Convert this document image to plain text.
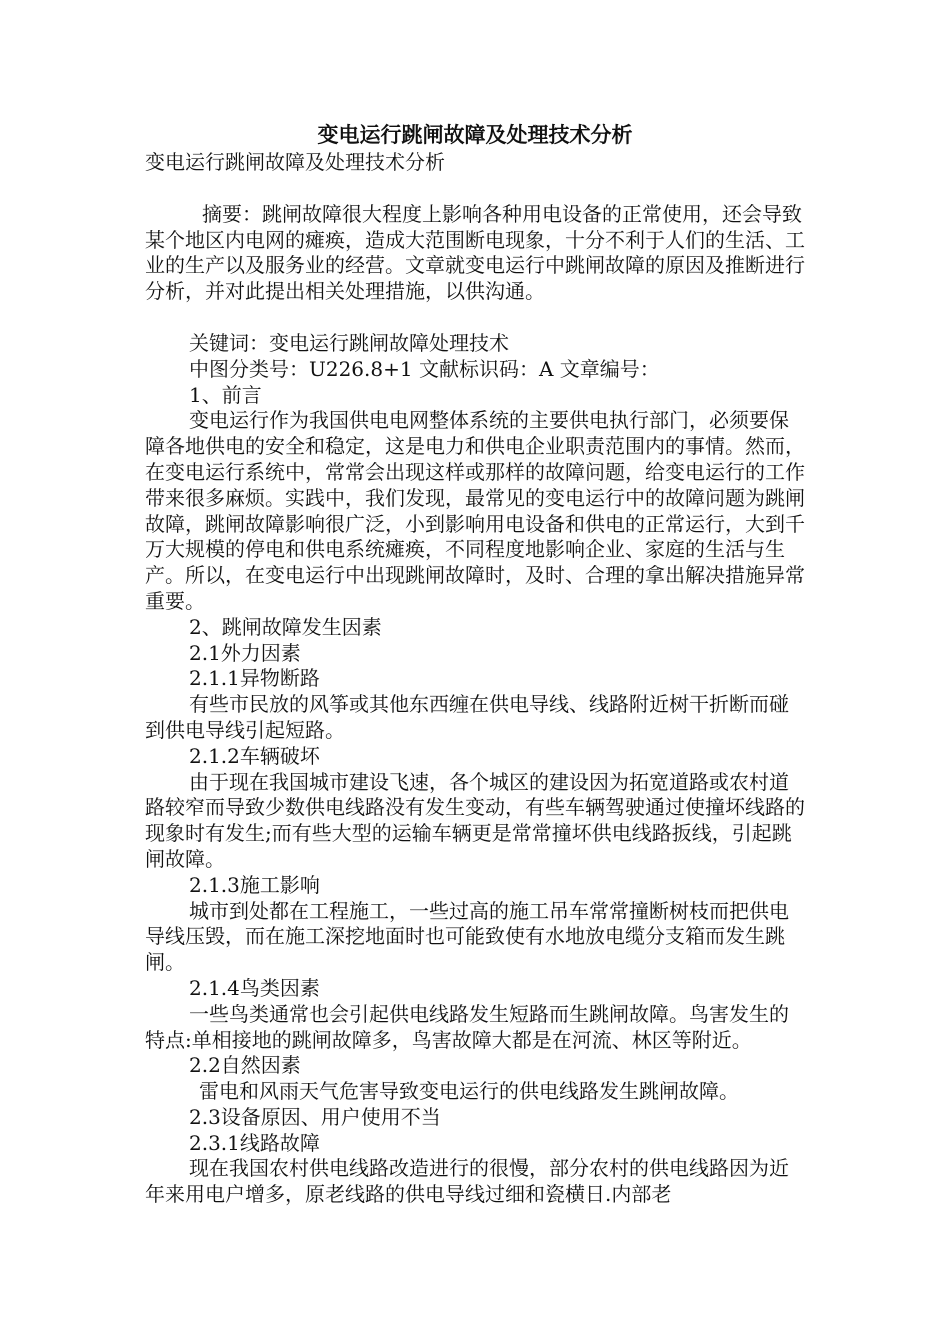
变电运行跳闸故障及处理技术分析

变电运行跳闸故障及处理技术分析

摘要：跳闸故障很大程度上影响各种用电设备的正常使用，还会导致某个地区内电网的瘫痪，造成大范围断电现象，十分不利于人们的生活、工业的生产以及服务业的经营。文章就变电运行中跳闸故障的原因及推断进行分析，并对此提出相关处理措施，以供沟通。

关键词：变电运行跳闸故障处理技术

中图分类号：U226.8+1 文献标识码：A 文章编号：

1、前言

变电运行作为我国供电电网整体系统的主要供电执行部门，必须要保障各地供电的安全和稳定，这是电力和供电企业职责范围内的事情。然而，在变电运行系统中，常常会出现这样或那样的故障问题，给变电运行的工作带来很多麻烦。实践中，我们发现，最常见的变电运行中的故障问题为跳闸故障，跳闸故障影响很广泛，小到影响用电设备和供电的正常运行，大到千万大规模的停电和供电系统瘫痪，不同程度地影响企业、家庭的生活与生产。所以，在变电运行中出现跳闸故障时，及时、合理的拿出解决措施异常重要。

2、跳闸故障发生因素

2.1外力因素

2.1.1异物断路

有些市民放的风筝或其他东西缠在供电导线、线路附近树干折断而碰到供电导线引起短路。

2.1.2车辆破坏

由于现在我国城市建设飞速，各个城区的建设因为拓宽道路或农村道路较窄而导致少数供电线路没有发生变动，有些车辆驾驶通过使撞坏线路的现象时有发生;而有些大型的运输车辆更是常常撞坏供电线路扳线，引起跳闸故障。

2.1.3施工影响

城市到处都在工程施工，一些过高的施工吊车常常撞断树枝而把供电导线压毁，而在施工深挖地面时也可能致使有水地放电缆分支箱而发生跳闸。

2.1.4鸟类因素

一些鸟类通常也会引起供电线路发生短路而生跳闸故障。鸟害发生的特点:单相接地的跳闸故障多，鸟害故障大都是在河流、林区等附近。

2.2自然因素

雷电和风雨天气危害导致变电运行的供电线路发生跳闸故障。

2.3设备原因、用户使用不当

2.3.1线路故障

现在我国农村供电线路改造进行的很慢，部分农村的供电线路因为近年来用电户增多，原老线路的供电导线过细和瓷横日.内部老
